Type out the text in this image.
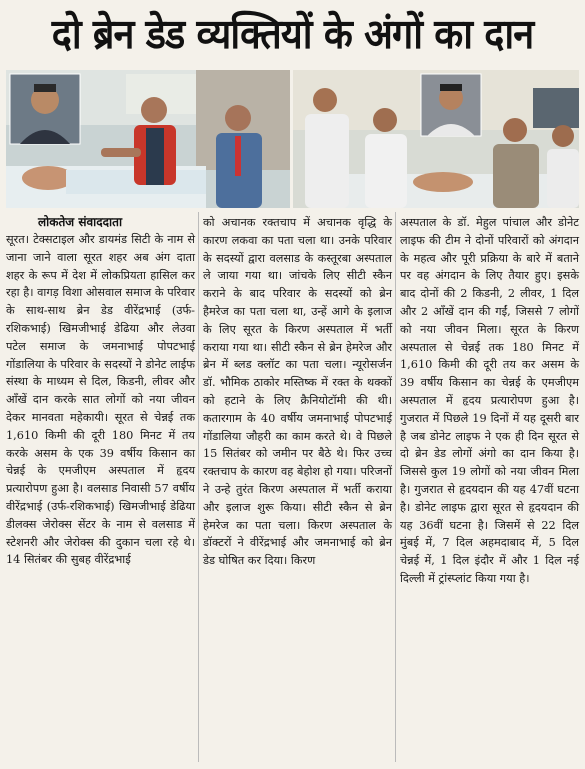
दो ब्रेन डेड व्यक्तियों के अंगों का दान
लोकतेज संवाददाता
सूरत। टेक्सटाइल और डायमंड सिटी के नाम से जाना जाने वाला सूरत शहर अब अंग दाता शहर के रूप में देश में लोकप्रियता हासिल कर रहा है। वागड़ विशा ओसवाल समाज के परिवार के साथ-साथ ब्रेन डेड वीरेंद्रभाई (उर्फ-रशिकभाई) खिमजीभाई डेढिया और लेउवा पटेल समाज के जमनाभाई पोपटभाई गोंडालिया के परिवार के सदस्यों ने डोनेट लाईफ संस्था के माध्यम से दिल, किडनी, लीवर और आँखें दान करके सात लोगों को नया जीवन देकर मानवता महेकायी। सूरत से चेन्नई तक 1,610 किमी की दूरी 180 मिनट में तय करके असम के एक 39 वर्षीय किसान का चेन्नई के एमजीएम अस्पताल में हृदय प्रत्यारोपण हुआ है। वलसाड निवासी 57 वर्षीय वीरेंद्रभाई (उर्फ-रशिकभाई) खिमजीभाई डेढिया डीलक्स जेरोक्स सेंटर के नाम से वलसाड में स्टेशनरी और जेरोक्स की दुकान चला रहे थे। 14 सितंबर की सुबह वीरेंद्रभाई
को अचानक रक्तचाप में अचानक वृद्धि के कारण लकवा का पता चला था। उनके परिवार के सदस्यों द्वारा वलसाड के कस्तूरबा अस्पताल ले जाया गया था। जांचके लिए सीटी स्कैन कराने के बाद परिवार के सदस्यों को ब्रेन हैमरेज का पता चला था, उन्हें आगे के इलाज के लिए सूरत के किरण अस्पताल में भर्ती कराया गया था। सीटी स्कैन से ब्रेन हेमरेज और ब्रेन में ब्लड क्लॉट का पता चला। न्यूरोसर्जन डॉ. भौमिक ठाकोर मस्तिष्क में रक्त के थक्कों को हटाने के लिए क्रैनियोटॉमी की थी। कतारगाम के 40 वर्षीय जमनाभाई पोपटभाई गोंडालिया जौहरी का काम करते थे। वे पिछले 15 सितंबर को जमीन पर बैठे थे। फिर उच्च रक्तचाप के कारण वह बेहोश हो गया। परिजनों ने उन्हे तुरंत किरण अस्पताल में भर्ती कराया और इलाज शुरू किया। सीटी स्कैन से ब्रेन हेमरेज का पता चला। किरण अस्पताल के डॉक्टरों ने वीरेंद्रभाई और जमनाभाई को ब्रेन डेड घोषित कर दिया। किरण
अस्पताल के डॉ. मेहुल पांचाल और डोनेट लाइफ की टीम ने दोनों परिवारों को अंगदान के महत्व और पूरी प्रक्रिया के बारे में बताने पर वह अंगदान के लिए तैयार हुए। इसके बाद दोनों की 2 किडनी, 2 लीवर, 1 दिल और 2 आँखें दान की गईं, जिससे 7 लोगों को नया जीवन मिला। सूरत के किरण अस्पताल से चेन्नई तक 180 मिनट में 1,610 किमी की दूरी तय कर असम के 39 वर्षीय किसान का चेन्नई के एमजीएम अस्पताल में हृदय प्रत्यारोपण हुआ है। गुजरात में पिछले 19 दिनों में यह दूसरी बार है जब डोनेट लाइफ ने एक ही दिन सूरत से दो ब्रेन डेड लोगों अंगो का दान किया है। जिससे कुल 19 लोगों को नया जीवन मिला है। गुजरात से हृदयदान की यह 47वीं घटना है। डोनेट लाइफ द्वारा सूरत से हृदयदान की यह 36वीं घटना है। जिसमें से 22 दिल मुंबई में, 7 दिल अहमदाबाद में, 5 दिल चेन्नई में, 1 दिल इंदौर में और 1 दिल नई दिल्ली में ट्रांस्प्लांट किया गया है।
